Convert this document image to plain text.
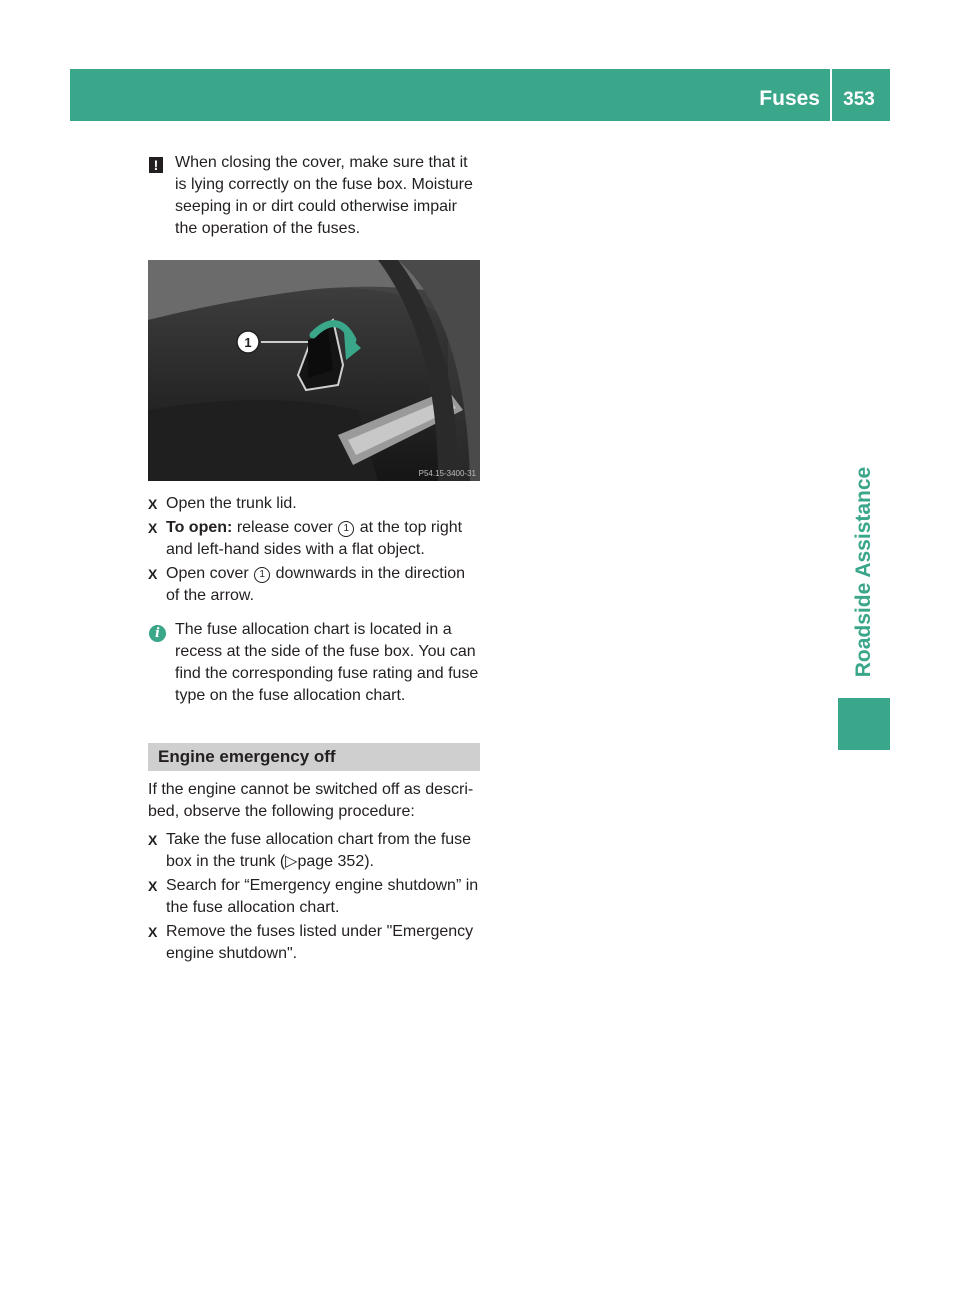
Fuses	353
Roadside Assistance

! When closing the cover, make sure that it is lying correctly on the fuse box. Moisture seeping in or dirt could otherwise impair the operation of the fuses.

1
P54.15-3400-31
X Open the trunk lid.
X To open: release cover 1 at the top right and left-hand sides with a flat object.
X Open cover 1 downwards in the direction of the arrow.

i The fuse allocation chart is located in a recess at the side of the fuse box. You can find the corresponding fuse rating and fuse type on the fuse allocation chart.

Engine emergency off

If the engine cannot be switched off as descri-bed, observe the following procedure:

X Take the fuse allocation chart from the fuse box in the trunk (▷page 352).
X Search for “Emergency engine shutdown” in the fuse allocation chart.
X Remove the fuses listed under "Emergency engine shutdown".
